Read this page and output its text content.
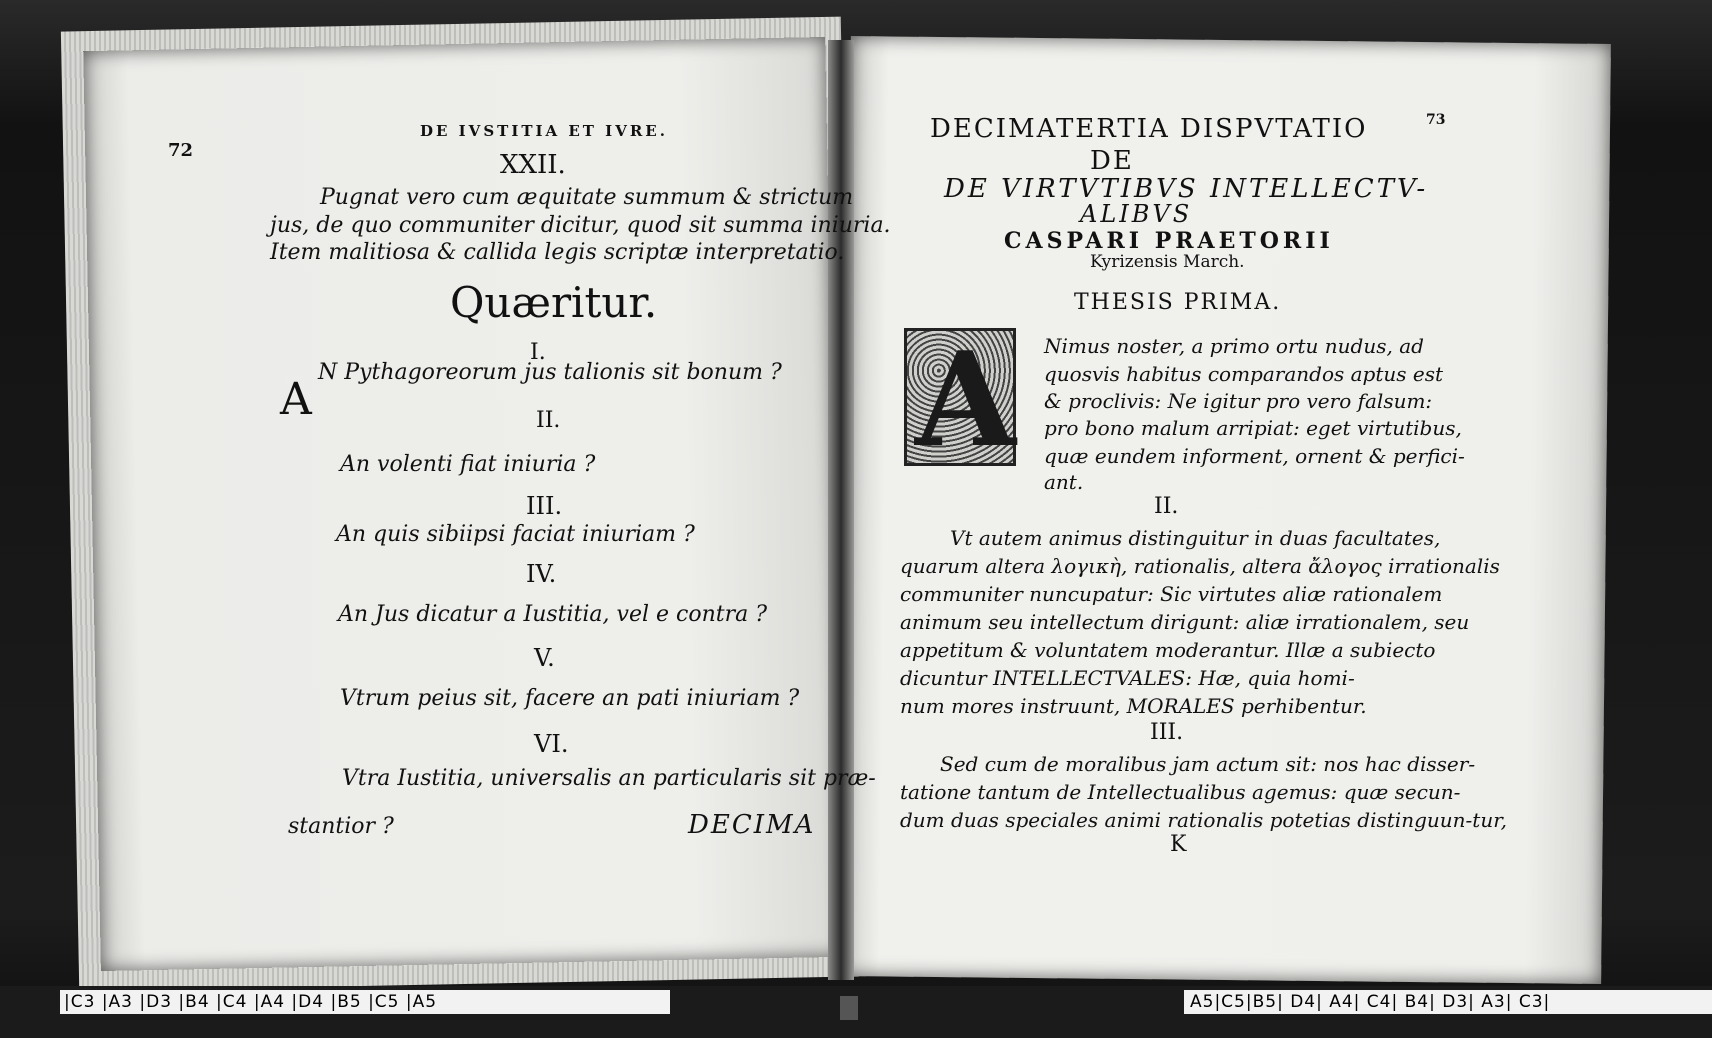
72
DE IVSTITIA ET IVRE.
XXII.
Pugnat vero cum æquitate summum & strictum
jus, de quo communiter dicitur, quod sit summa iniuria.
Item malitiosa & callida legis scriptæ interpretatio.
Quæritur.
I.
A
N Pythagoreorum jus talionis sit bonum ?
II.
An volenti fiat iniuria ?
III.
An quis sibiipsi faciat iniuriam ?
IV.
An Jus dicatur a Iustitia, vel e contra ?
V.
Vtrum peius sit, facere an pati iniuriam ?
VI.
Vtra Iustitia, universalis an particularis sit præ-
stantior ?	DECIMA
73
DECIMATERTIA DISPVTATIO
DE
DE VIRTVTIBVS INTELLECTV-
ALIBVS
CASPARI PRAETORII
Kyrizensis March.
THESIS PRIMA.
A Nimus noster, a primo ortu nudus, ad
quosvis habitus comparandos aptus est
& proclivis: Ne igitur pro vero falsum:
pro bono malum arripiat: eget virtutibus,
quæ eundem informent, ornent & perfici-
ant.
II.
Vt autem animus distinguitur in duas facultates,
quarum altera λογικὴ, rationalis, altera ἄλογος irrationalis
communiter nuncupatur: Sic virtutes aliæ rationalem
animum seu intellectum dirigunt: aliæ irrationalem, seu
appetitum & voluntatem moderantur. Illæ a subiecto
dicuntur INTELLECTVALES: Hæ, quia homi-
num mores instruunt, MORALES perhibentur.
III.
Sed cum de moralibus jam actum sit: nos hac disser-
tatione tantum de Intellectualibus agemus: quæ secun-
dum duas speciales animi rationalis potetias distinguun-tur,
K
|C3 |A3 |D3 |B4 |C4 |A4 |D4 |B5 |C5 |A5	A5|C5|B5| D4| A4| C4| B4| D3| A3| C3|
